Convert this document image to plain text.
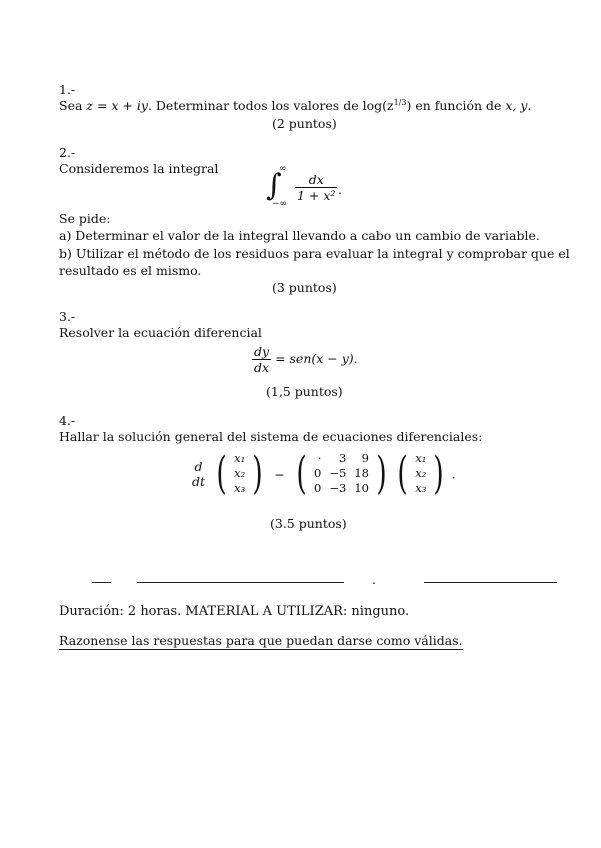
1.-
Sea z = x + iy. Determinar todos los valores de $\log(z^{1/3})$ en función de x, y.
(2 puntos)
2.-
Consideremos la integral ∫
∞
−∞
$\frac{dx}{\text{1 + x²}}$ .
Se pide:
a) Determinar el valor de la integral llevando a cabo un cambio de variable.
b) Utilizar el método de los residuos para evaluar la integral y comprobar que el
resultado es el mismo.
(3 puntos)
3.-
Resolver la ecuación diferencial
$\frac{dy}{dx} = sen(x - y)$.
(1,5 puntos)
4.-
Hallar la solución general del sistema de ecuaciones diferenciales:
d
dt ( x₁
x₂
x₃ ) − ( ·	3	9
0 −5 18
0 −3 10 ) ( x₁
x₂
x₃ ) .
(3.5 puntos)
.
Duración: 2 horas. MATERIAL A UTILIZAR: ninguno.
Razonense las respuestas para que puedan darse como válidas.
